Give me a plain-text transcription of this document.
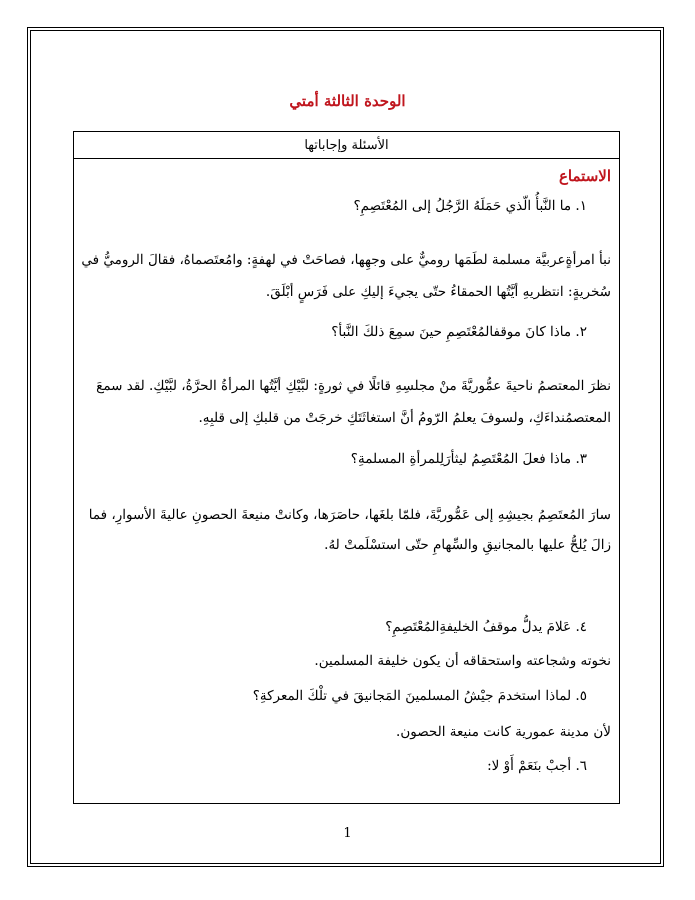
الوحدة الثالثة أمتي
الأسئلة وإجاباتها
الاستماع
١. ما النَّبأُ الّذي حَمَلَهُ الرَّجُلُ إلى المُعْتَصِمِ؟
نبأ امرأةٍعربيَّة مسلمة لطَمَها روميٌّ على وجهِها، فصاحَتْ في لهفةٍ: وامُعتَصماهُ، فقالَ الروميُّ في
سُخريةٍ: انتظريهِ أيَّتُها الحمقاءُ حتّى يجيءَ إليكِ على فَرَسٍ أبْلَقَ.
٢. ماذا كانَ موقفالمُعْتَصِمِ حينَ سمِعَ ذلكَ النَّبأ؟
نظرَ المعتصمُ ناحيةَ عمُّوريَّةَ منْ مجلسِهِ قائلًا في ثورةٍ: لبَّيْكِ أيَّتُها المرأةُ الحرَّةُ، لبَّيْكِ. لقد سمعَ
المعتصمُنداءَكِ، ولسوفَ يعلمُ الرّومُ أنَّ استغاثَتَكِ خرجَتْ من قلبكِ إلى قلبِهِ.
٣. ماذا فعلَ المُعْتَصِمُ ليثأرَلِلمرأةِ المسلمةِ؟
سارَ المُعتَصِمُ بجيشِهِ إلى عَمُّوريَّةَ، فلمّا بلغَها، حاصَرَها، وكانتْ منيعةَ الحصونِ عاليةَ الأسوارِ، فما
زالَ يُلحُّ عليها بالمجانيقِ والسِّهامِ حتّى استسْلَمتْ لهُ.
٤. عَلامَ يدلُّ موقفُ الخليفةِالمُعْتَصِمِ؟
نخوته وشجاعته واستحقاقه أن يكون خليفة المسلمين.
٥. لماذا استخدمَ جيْشُ المسلمينَ المَجانيقَ في تلْكَ المعركةِ؟
لأن مدينة عمورية كانت منيعة الحصون.
٦. أجبْ بنَعَمْ أَوْ لا:
1
